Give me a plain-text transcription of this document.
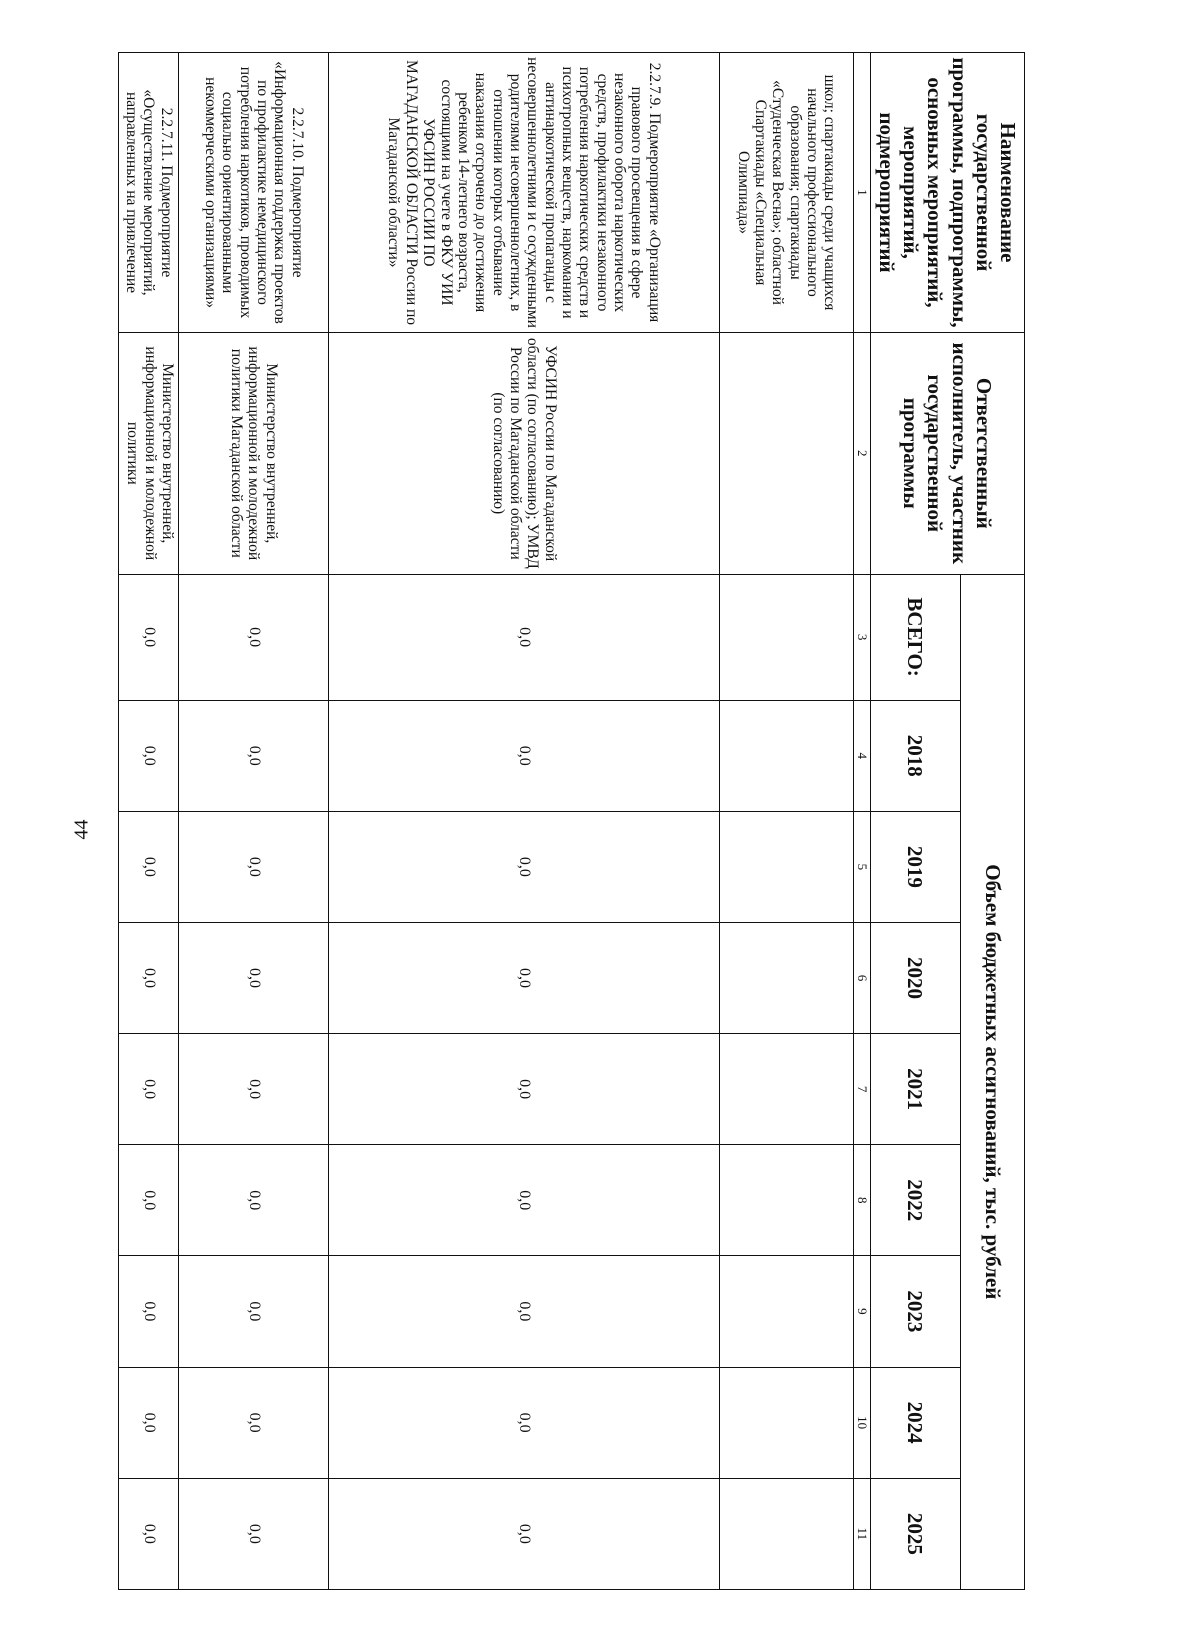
44
Наименование государственной программы, подпрограммы, основных мероприятий, мероприятий, подмероприятий	Ответственный исполнитель, участник государственной программы	Объем бюджетных ассигнований, тыс. рублей								
		ВСЕГО:	2018	2019	2020	2021	2022	2023	2024	2025
1	2	3	4	5	6	7	8	9	10	11
школ; спартакиады среди учащихся начального профессионального образования; спартакиады «Студенческая Весна»; областной Спартакиады «Специальная Олимпиада»										
2.2.7.9. Подмероприятие «Организация правового просвещения в сфере незаконного оборота наркотических средств, профилактики незаконного потребления наркотических средств и психотропных веществ, наркомании и антинаркотической пропаганды с несовершеннолетними и с осужденными родителями несовершеннолетних, в отношении которых отбывание наказания отсрочено до достижения ребенком 14-летнего возраста, состоящими на учете в ФКУ УИИ УФСИН РОССИИ ПО МАГАДАНСКОЙ ОБЛАСТИ России по Магаданской области»	УФСИН России по Магаданской области (по согласованию); УМВД России по Магаданской области (по согласованию)	0,0	0,0	0,0	0,0	0,0	0,0	0,0	0,0	0,0
2.2.7.10. Подмероприятие «Информационная поддержка проектов по профилактике немедицинского потребления наркотиков, проводимых социально ориентированными некоммерческими организациями»	Министерство внутренней, информационной и молодежной политики Магаданской области	0,0	0,0	0,0	0,0	0,0	0,0	0,0	0,0	0,0
2.2.7.11. Подмероприятие «Осуществление мероприятий, направленных на привлечение	Министерство внутренней, информационной и молодежной политики	0,0	0,0	0,0	0,0	0,0	0,0	0,0	0,0	0,0
